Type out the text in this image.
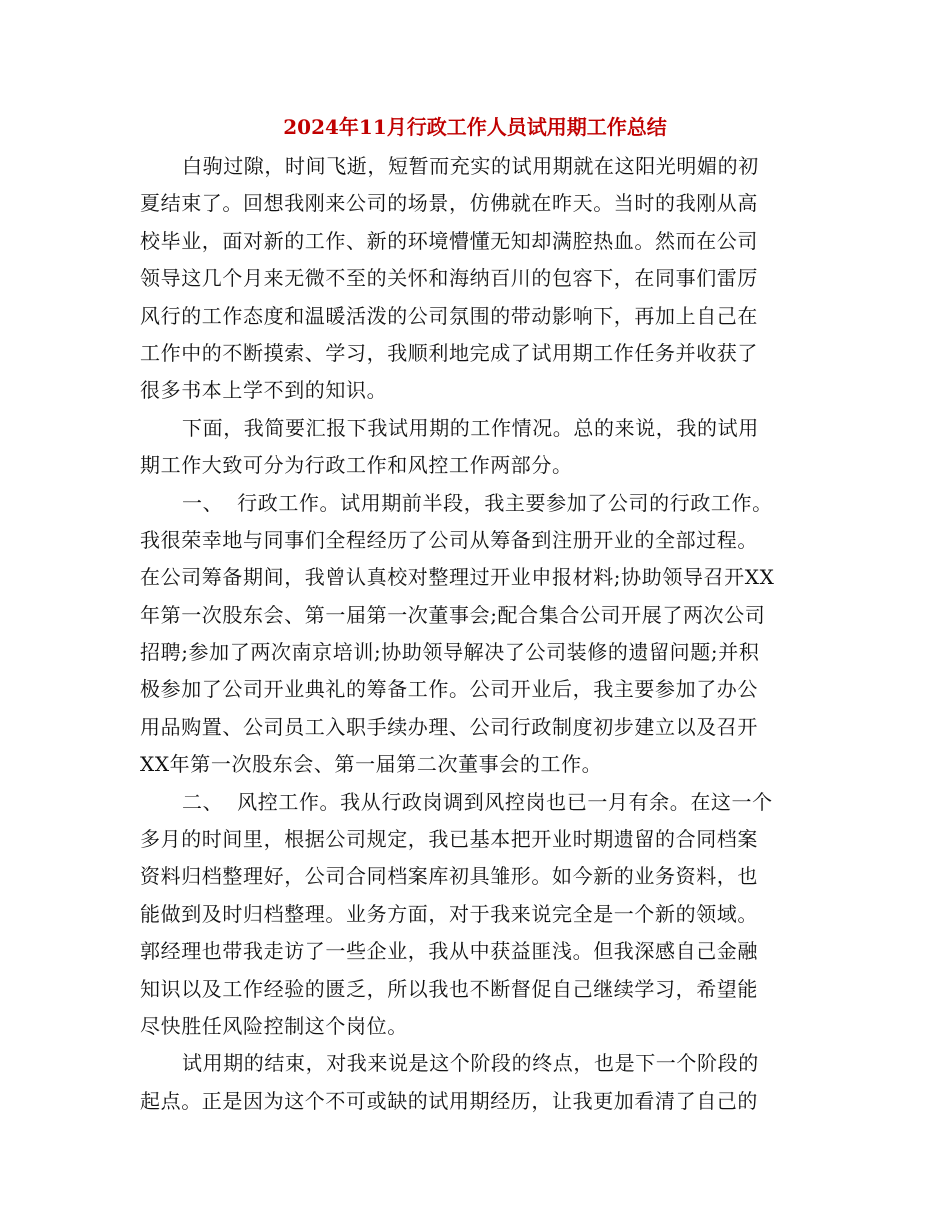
2024年11月行政工作人员试用期工作总结
白驹过隙，时间飞逝，短暂而充实的试用期就在这阳光明媚的初
夏结束了。回想我刚来公司的场景，仿佛就在昨天。当时的我刚从高
校毕业，面对新的工作、新的环境懵懂无知却满腔热血。然而在公司
领导这几个月来无微不至的关怀和海纳百川的包容下，在同事们雷厉
风行的工作态度和温暖活泼的公司氛围的带动影响下，再加上自己在
工作中的不断摸索、学习，我顺利地完成了试用期工作任务并收获了
很多书本上学不到的知识。
下面，我简要汇报下我试用期的工作情况。总的来说，我的试用
期工作大致可分为行政工作和风控工作两部分。
一、  行政工作。试用期前半段，我主要参加了公司的行政工作。
我很荣幸地与同事们全程经历了公司从筹备到注册开业的全部过程。
在公司筹备期间，我曾认真校对整理过开业申报材料;协助领导召开XX
年第一次股东会、第一届第一次董事会;配合集合公司开展了两次公司
招聘;参加了两次南京培训;协助领导解决了公司装修的遗留问题;并积
极参加了公司开业典礼的筹备工作。公司开业后，我主要参加了办公
用品购置、公司员工入职手续办理、公司行政制度初步建立以及召开
XX年第一次股东会、第一届第二次董事会的工作。
二、  风控工作。我从行政岗调到风控岗也已一月有余。在这一个
多月的时间里，根据公司规定，我已基本把开业时期遗留的合同档案
资料归档整理好，公司合同档案库初具雏形。如今新的业务资料，也
能做到及时归档整理。业务方面，对于我来说完全是一个新的领域。
郭经理也带我走访了一些企业，我从中获益匪浅。但我深感自己金融
知识以及工作经验的匮乏，所以我也不断督促自己继续学习，希望能
尽快胜任风险控制这个岗位。
试用期的结束，对我来说是这个阶段的终点，也是下一个阶段的
起点。正是因为这个不可或缺的试用期经历，让我更加看清了自己的
